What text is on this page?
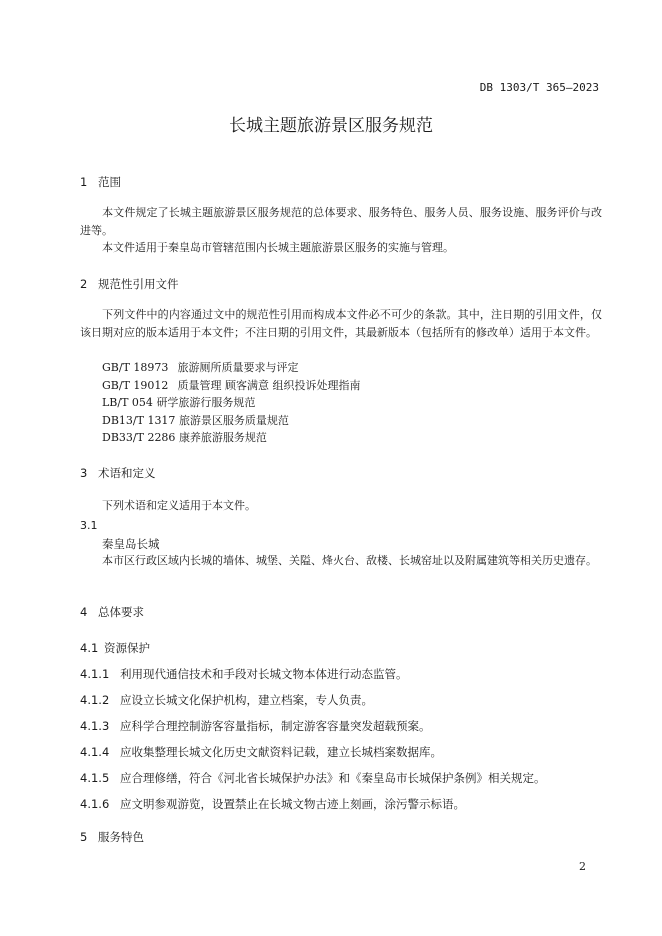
DB 1303/T 365—2023
长城主题旅游景区服务规范
1 范围
本文件规定了长城主题旅游景区服务规范的总体要求、服务特色、服务人员、服务设施、服务评价与改进等。
本文件适用于秦皇岛市管辖范围内长城主题旅游景区服务的实施与管理。
2 规范性引用文件
下列文件中的内容通过文中的规范性引用而构成本文件必不可少的条款。其中，注日期的引用文件，仅该日期对应的版本适用于本文件；不注日期的引用文件，其最新版本（包括所有的修改单）适用于本文件。
GB/T 18973 旅游厕所质量要求与评定
GB/T 19012 质量管理 顾客满意 组织投诉处理指南
LB/T 054 研学旅游行服务规范
DB13/T 1317 旅游景区服务质量规范
DB33/T 2286 康养旅游服务规范
3 术语和定义
下列术语和定义适用于本文件。
3.1
秦皇岛长城
本市区行政区域内长城的墙体、城堡、关隘、烽火台、敌楼、长城窑址以及附属建筑等相关历史遗存。
4 总体要求
4.1 资源保护
4.1.1 利用现代通信技术和手段对长城文物本体进行动态监管。
4.1.2 应设立长城文化保护机构，建立档案，专人负责。
4.1.3 应科学合理控制游客容量指标，制定游客容量突发超载预案。
4.1.4 应收集整理长城文化历史文献资料记载，建立长城档案数据库。
4.1.5 应合理修缮，符合《河北省长城保护办法》和《秦皇岛市长城保护条例》相关规定。
4.1.6 应文明参观游览，设置禁止在长城文物古迹上刻画，涂污警示标语。
5 服务特色
2
